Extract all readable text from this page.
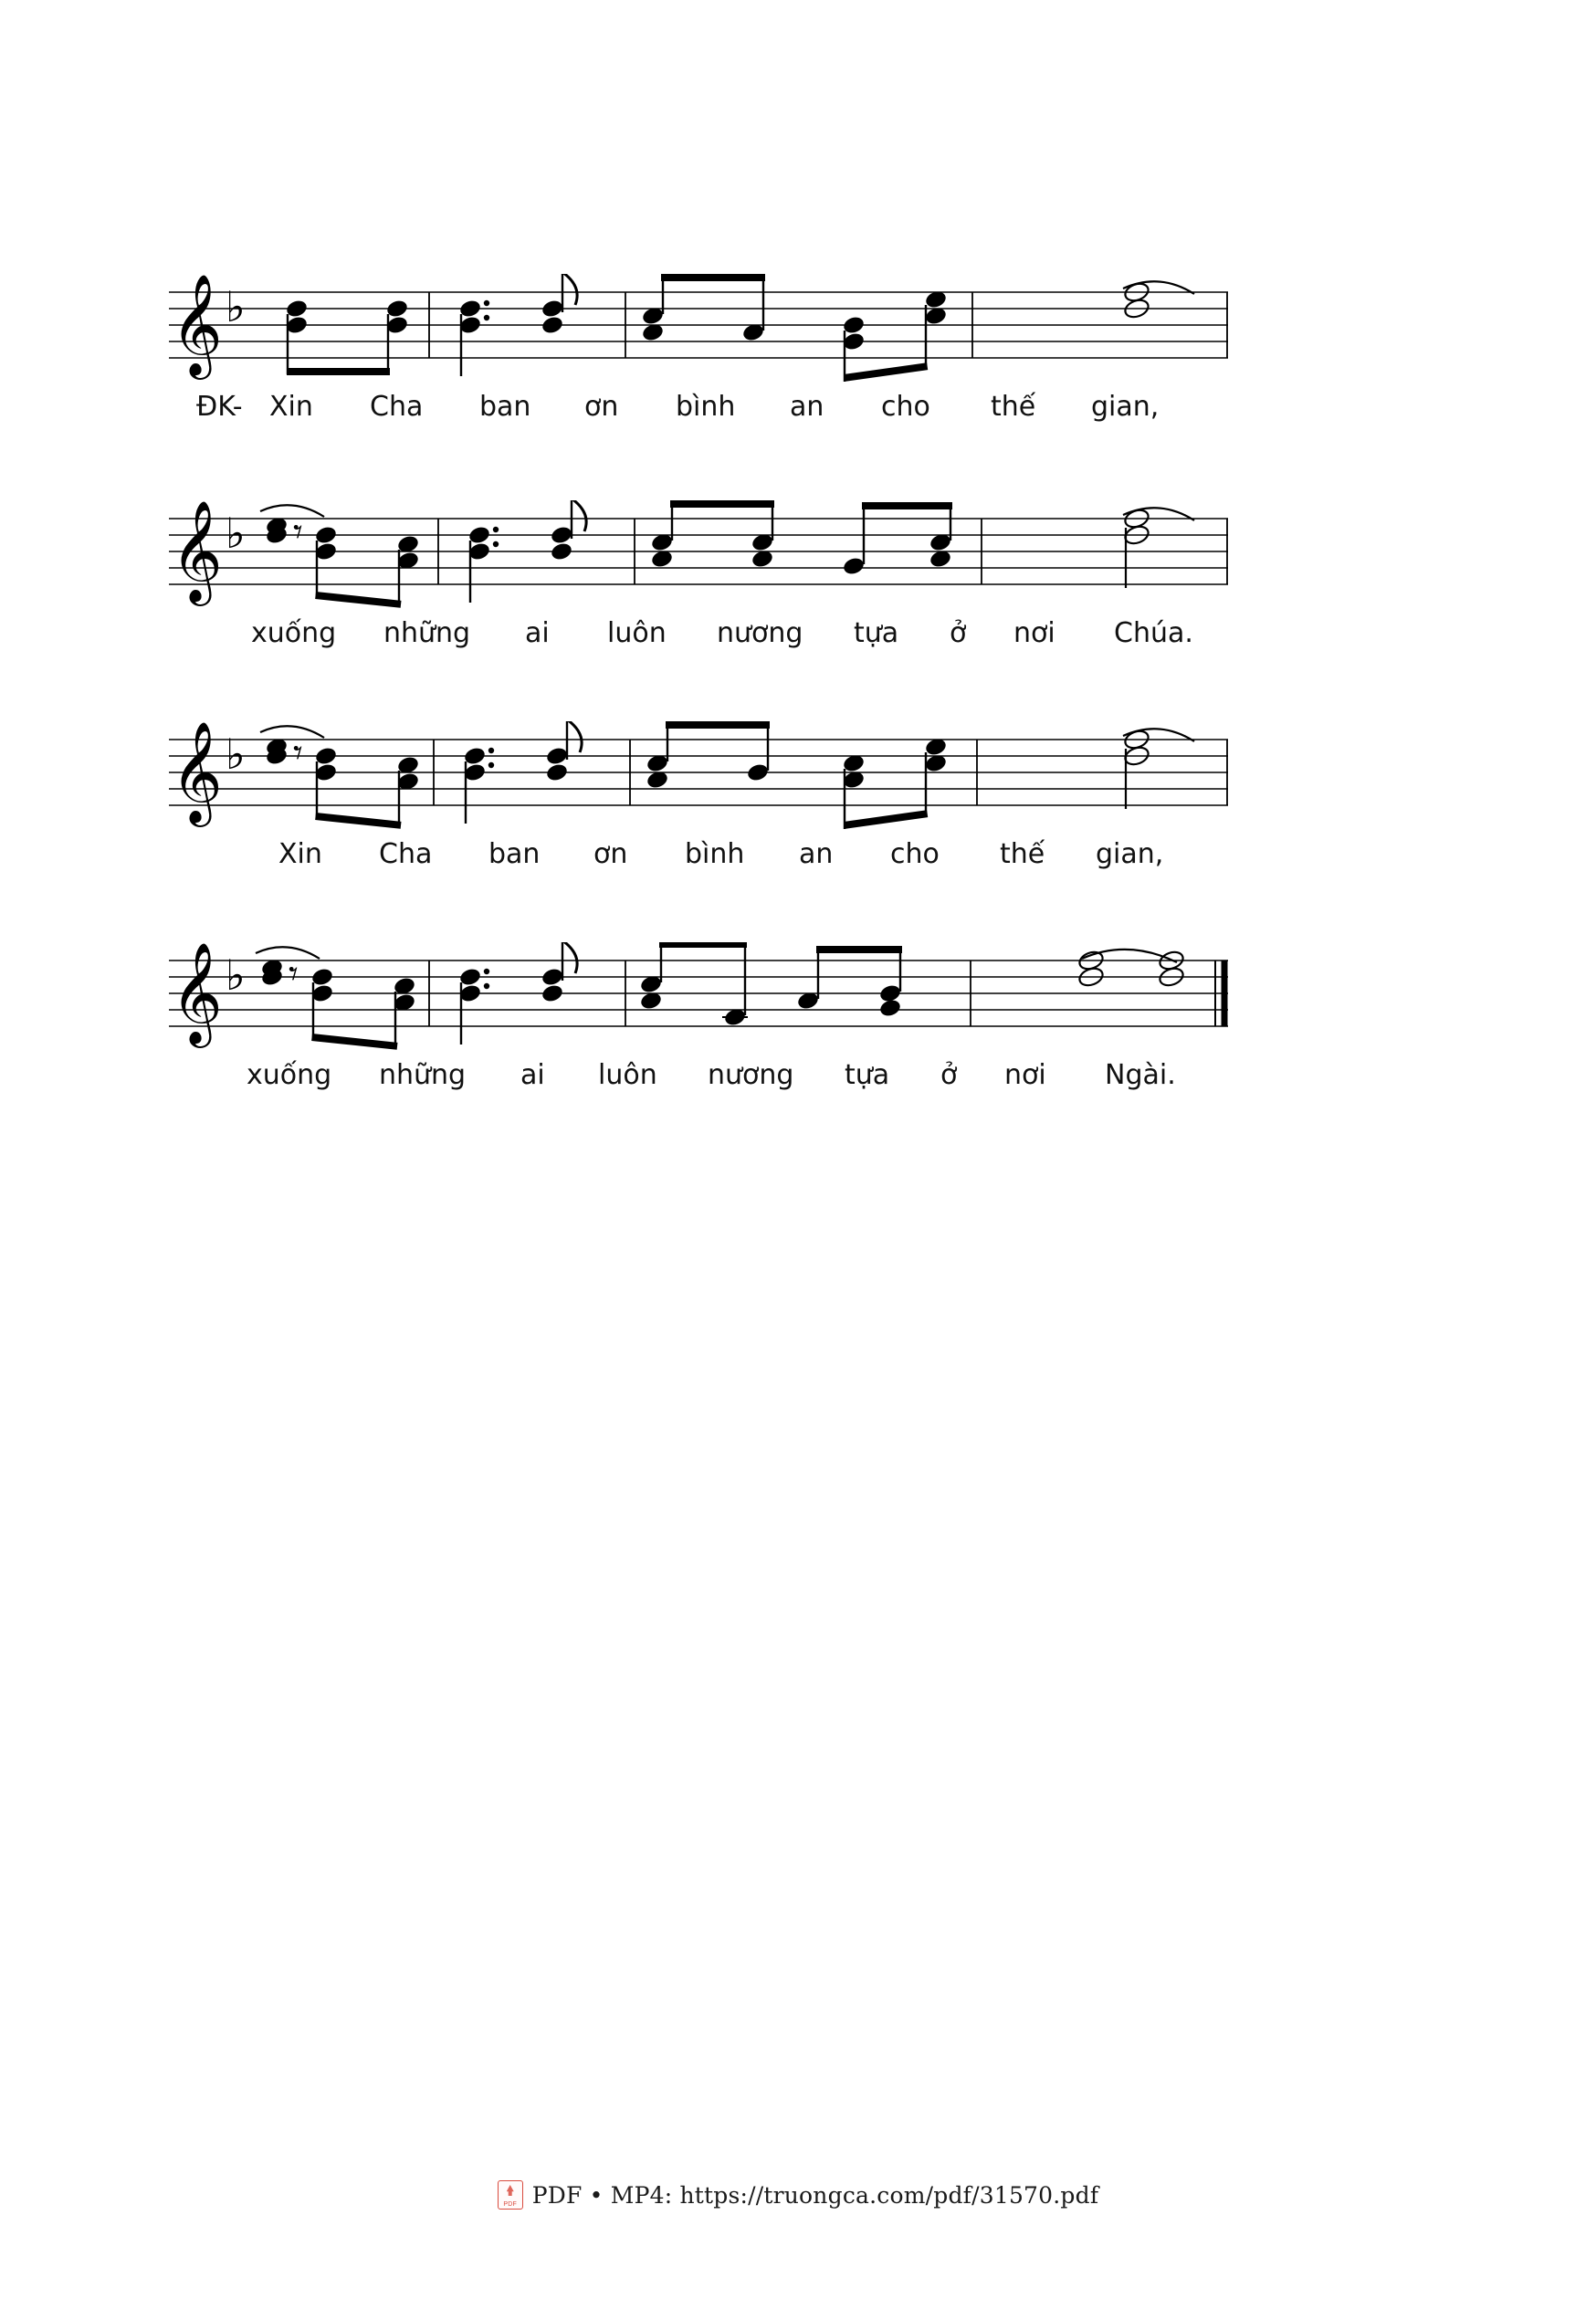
𝄞 ♭
ĐK- Xin Cha ban ơn bình an cho thế gian,
𝄞 ♭ 𝄾
xuống những ai luôn nương tựa ở nơi Chúa.
𝄞 ♭ 𝄾
Xin Cha ban ơn bình an cho thế gian,
𝄞 ♭ 𝄾
xuống những ai luôn nương tựa ở nơi Ngài.
PDF
PDF • MP4: https://truongca.com/pdf/31570.pdf
